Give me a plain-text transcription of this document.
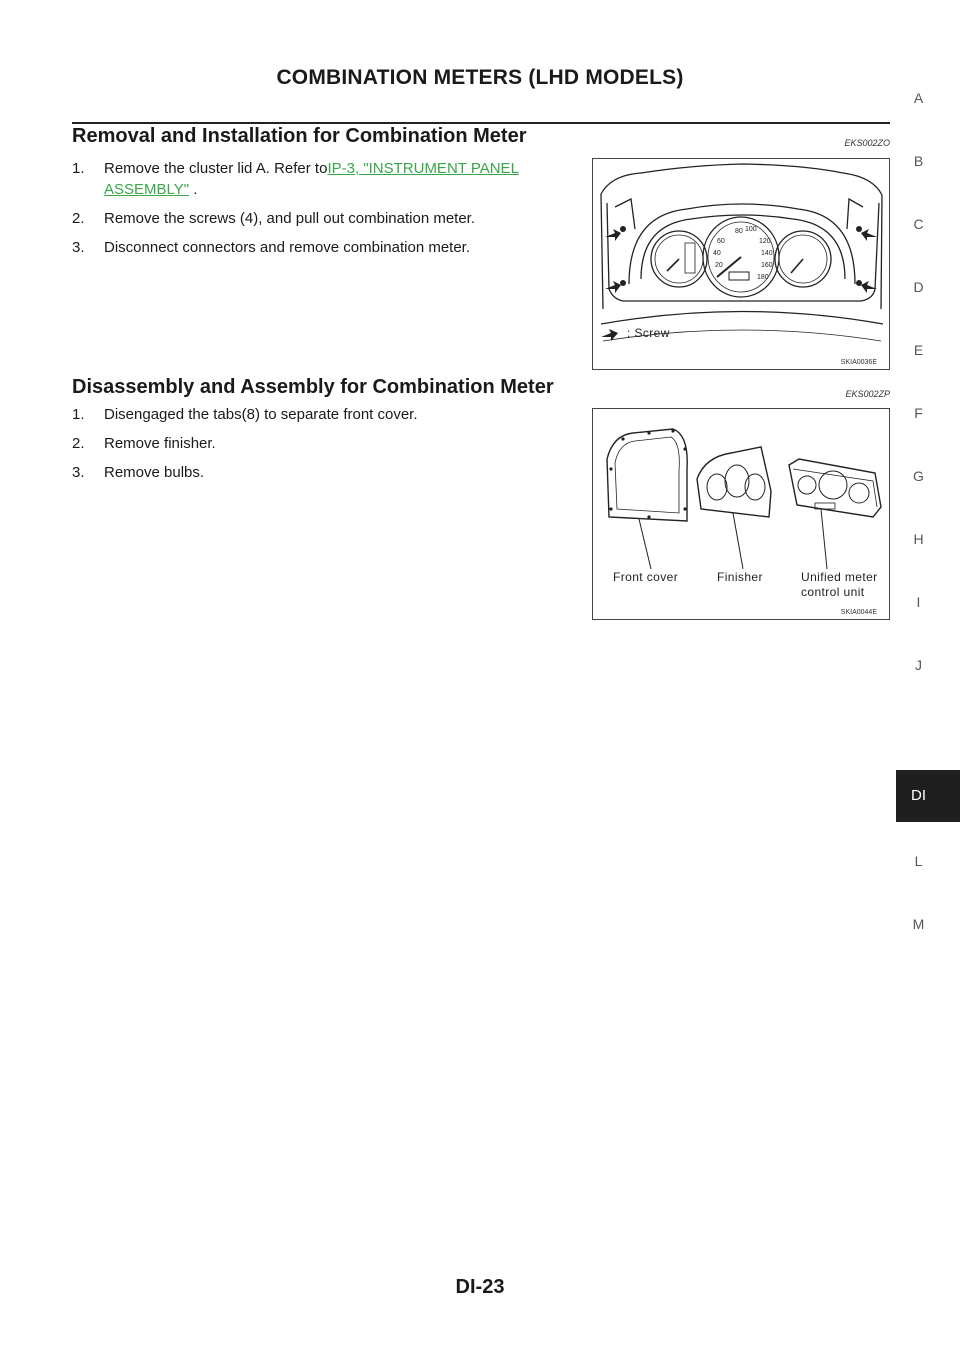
COMBINATION METERS (LHD MODELS)
Removal and Installation for Combination Meter	EKS002ZO
1. Remove the cluster lid A. Refer toIP-3, "INSTRUMENT PANEL ASSEMBLY" .
2. Remove the screws (4), and pull out combination meter.
3. Disconnect connectors and remove combination meter.
80 100
60	120
40	140
20	160
180
: Screw
SKIA0036E
Disassembly and Assembly for Combination Meter	EKS002ZP
1. Disengaged the tabs(8) to separate front cover.
2. Remove finisher.
3. Remove bulbs.
Front cover	Finisher	Unified meter
control unit
SKIA0044E
A
B
C
D
E
F
G
H
I
J
DI
L
M
DI-23
